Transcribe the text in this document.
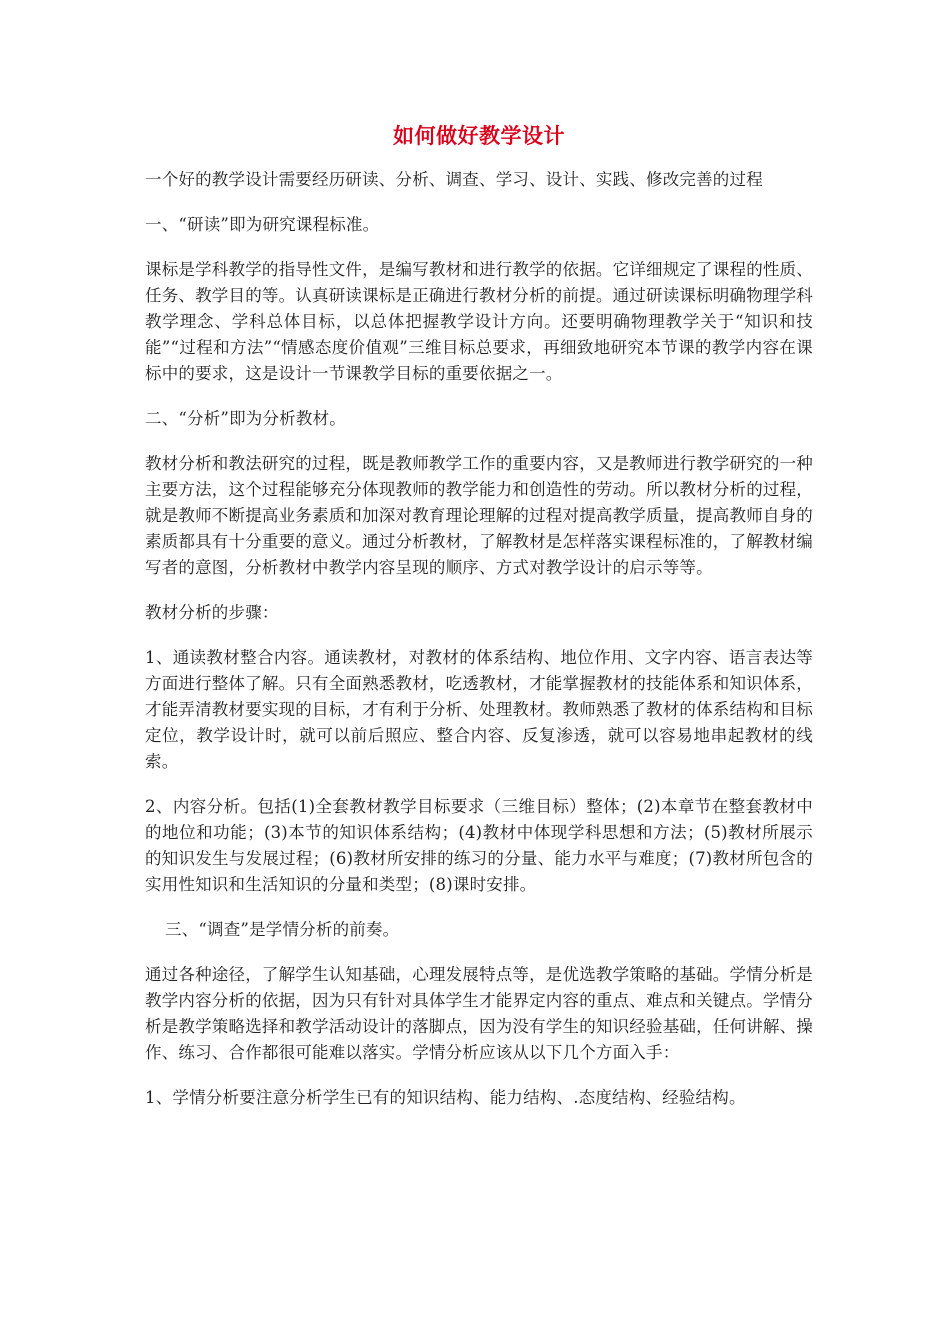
如何做好教学设计

一个好的教学设计需要经历研读、分析、调查、学习、设计、实践、修改完善的过程

一、“研读”即为研究课程标准。

课标是学科教学的指导性文件，是编写教材和进行教学的依据。它详细规定了课程的性质、任务、教学目的等。认真研读课标是正确进行教材分析的前提。通过研读课标明确物理学科教学理念、学科总体目标，以总体把握教学设计方向。还要明确物理教学关于“知识和技能”“过程和方法”“情感态度价值观”三维目标总要求，再细致地研究本节课的教学内容在课标中的要求，这是设计一节课教学目标的重要依据之一。

二、“分析”即为分析教材。

教材分析和教法研究的过程，既是教师教学工作的重要内容，又是教师进行教学研究的一种主要方法，这个过程能够充分体现教师的教学能力和创造性的劳动。所以教材分析的过程，就是教师不断提高业务素质和加深对教育理论理解的过程对提高教学质量，提高教师自身的素质都具有十分重要的意义。通过分析教材，了解教材是怎样落实课程标准的，了解教材编写者的意图，分析教材中教学内容呈现的顺序、方式对教学设计的启示等等。

教材分析的步骤：

1、通读教材整合内容。通读教材，对教材的体系结构、地位作用、文字内容、语言表达等方面进行整体了解。只有全面熟悉教材，吃透教材，才能掌握教材的技能体系和知识体系，才能弄清教材要实现的目标，才有利于分析、处理教材。教师熟悉了教材的体系结构和目标定位，教学设计时，就可以前后照应、整合内容、反复渗透，就可以容易地串起教材的线索。

2、内容分析。包括(1)全套教材教学目标要求（三维目标）整体；(2)本章节在整套教材中的地位和功能；(3)本节的知识体系结构；(4)教材中体现学科思想和方法；(5)教材所展示的知识发生与发展过程；(6)教材所安排的练习的分量、能力水平与难度；(7)教材所包含的实用性知识和生活知识的分量和类型；(8)课时安排。

三、“调查”是学情分析的前奏。

通过各种途径，了解学生认知基础，心理发展特点等，是优选教学策略的基础。学情分析是教学内容分析的依据，因为只有针对具体学生才能界定内容的重点、难点和关键点。学情分析是教学策略选择和教学活动设计的落脚点，因为没有学生的知识经验基础，任何讲解、操作、练习、合作都很可能难以落实。学情分析应该从以下几个方面入手：

1、学情分析要注意分析学生已有的知识结构、能力结构、.态度结构、经验结构。
